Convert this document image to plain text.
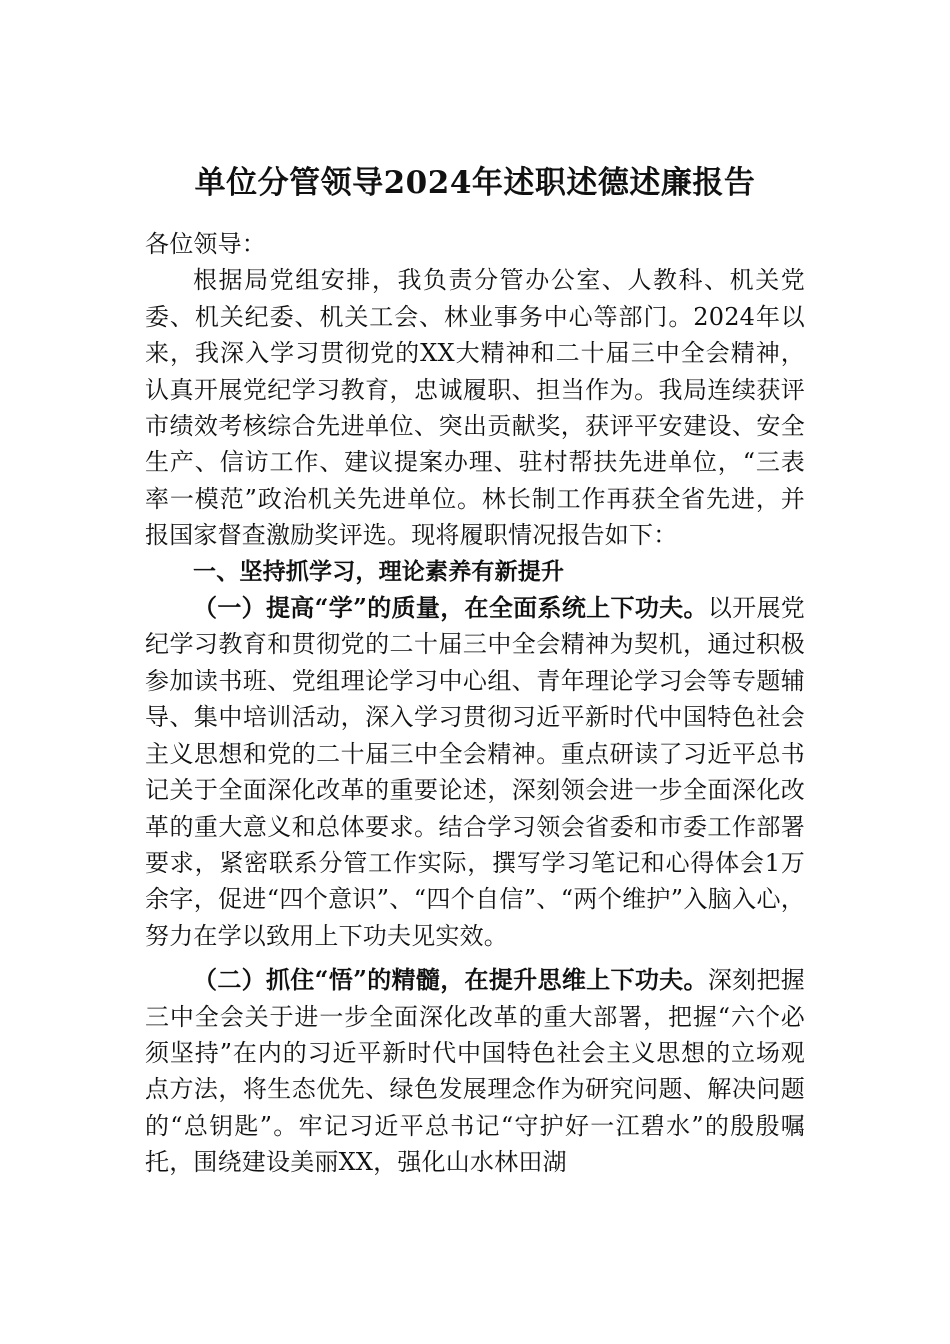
单位分管领导2024年述职述德述廉报告

各位领导：

根据局党组安排，我负责分管办公室、人教科、机关党委、机关纪委、机关工会、林业事务中心等部门。2024年以来，我深入学习贯彻党的XX大精神和二十届三中全会精神，认真开展党纪学习教育，忠诚履职、担当作为。我局连续获评市绩效考核综合先进单位、突出贡献奖，获评平安建设、安全生产、信访工作、建议提案办理、驻村帮扶先进单位，“三表率一模范”政治机关先进单位。林长制工作再获全省先进，并报国家督查激励奖评选。现将履职情况报告如下：

一、坚持抓学习，理论素养有新提升

（一）提高“学”的质量，在全面系统上下功夫。以开展党纪学习教育和贯彻党的二十届三中全会精神为契机，通过积极参加读书班、党组理论学习中心组、青年理论学习会等专题辅导、集中培训活动，深入学习贯彻习近平新时代中国特色社会主义思想和党的二十届三中全会精神。重点研读了习近平总书记关于全面深化改革的重要论述，深刻领会进一步全面深化改革的重大意义和总体要求。结合学习领会省委和市委工作部署要求，紧密联系分管工作实际，撰写学习笔记和心得体会1万余字，促进“四个意识”、“四个自信”、“两个维护”入脑入心，努力在学以致用上下功夫见实效。

（二）抓住“悟”的精髓，在提升思维上下功夫。深刻把握三中全会关于进一步全面深化改革的重大部署，把握“六个必须坚持”在内的习近平新时代中国特色社会主义思想的立场观点方法，将生态优先、绿色发展理念作为研究问题、解决问题的“总钥匙”。牢记习近平总书记“守护好一江碧水”的殷殷嘱托，围绕建设美丽XX，强化山水林田湖
